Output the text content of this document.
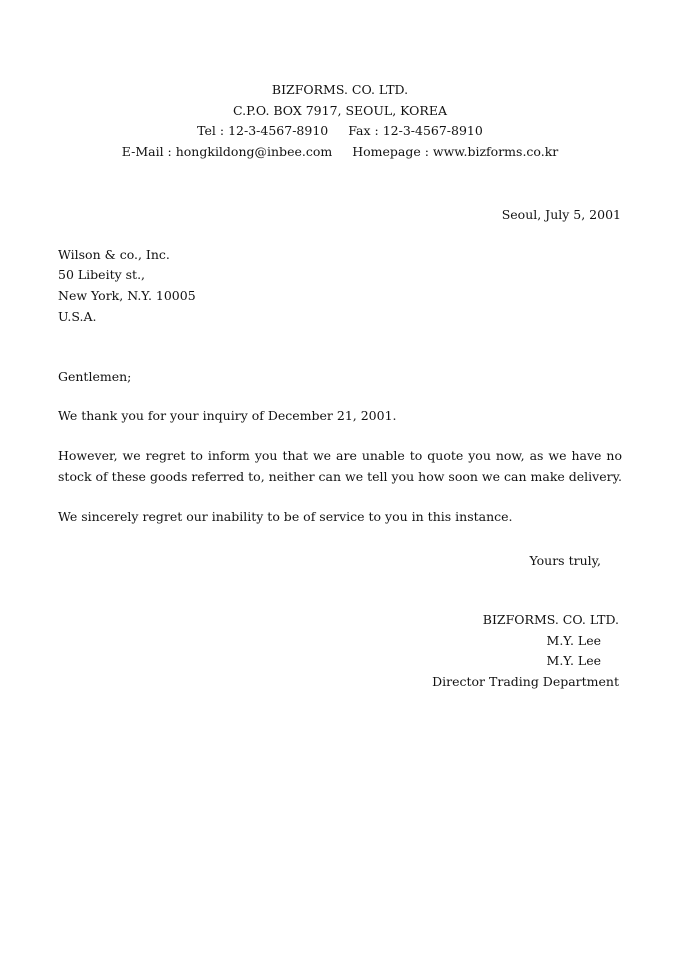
BIZFORMS. CO. LTD.
C.P.O. BOX 7917, SEOUL, KOREA
Tel : 12-3-4567-8910 Fax : 12-3-4567-8910
E-Mail : hongkildong@inbee.com Homepage : www.bizforms.co.kr
Seoul, July 5, 2001
Wilson & co., Inc.
50 Libeity st.,
New York, N.Y. 10005
U.S.A.
Gentlemen;
We thank you for your inquiry of December 21, 2001.
However, we regret to inform you that we are unable to quote you now, as we have no
stock of these goods referred to, neither can we tell you how soon we can make delivery.
We sincerely regret our inability to be of service to you in this instance.
Yours truly,
BIZFORMS. CO. LTD.
M.Y. Lee
M.Y. Lee
Director Trading Department
